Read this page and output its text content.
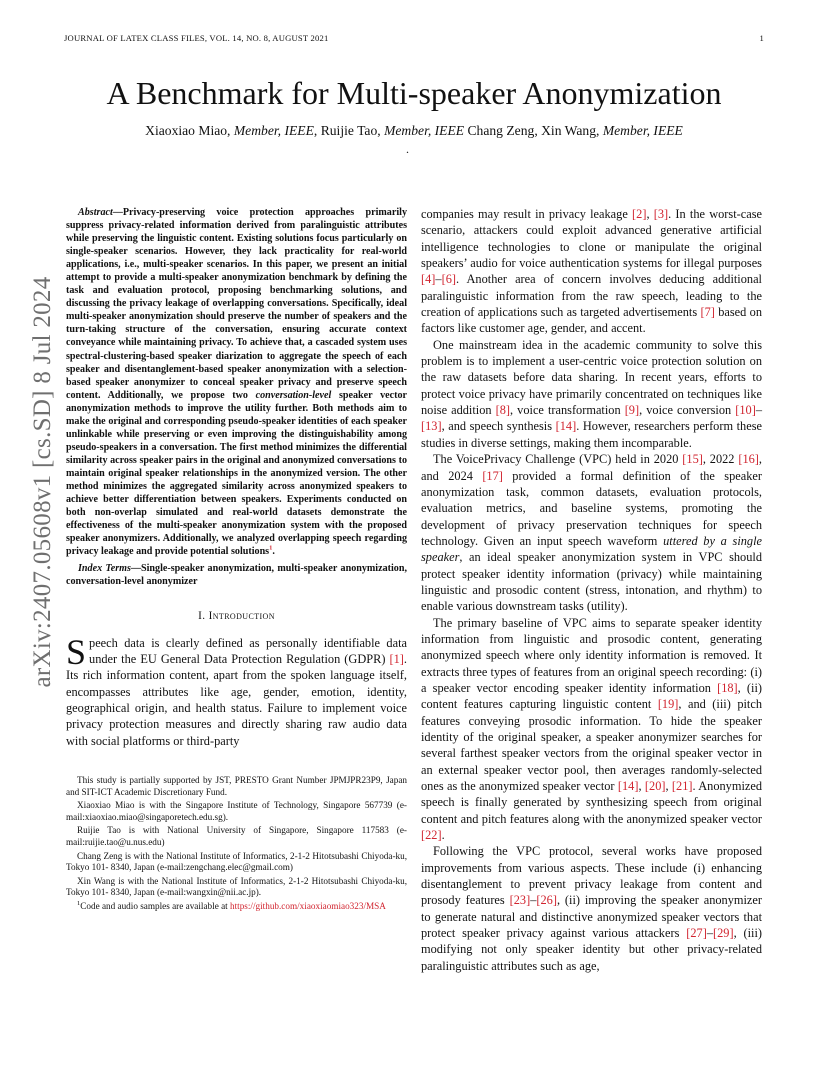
JOURNAL OF LATEX CLASS FILES, VOL. 14, NO. 8, AUGUST 2021	1
arXiv:2407.05608v1 [cs.SD] 8 Jul 2024
A Benchmark for Multi-speaker Anonymization
Xiaoxiao Miao, Member, IEEE, Ruijie Tao, Member, IEEE Chang Zeng, Xin Wang, Member, IEEE
.

Abstract—Privacy-preserving voice protection approaches primarily suppress privacy-related information derived from paralinguistic attributes while preserving the linguistic content. Existing solutions focus particularly on single-speaker scenarios. However, they lack practicality for real-world applications, i.e., multi-speaker scenarios. In this paper, we present an initial attempt to provide a multi-speaker anonymization benchmark by defining the task and evaluation protocol, proposing benchmarking solutions, and discussing the privacy leakage of overlapping conversations. Specifically, ideal multi-speaker anonymization should preserve the number of speakers and the turn-taking structure of the conversation, ensuring accurate context conveyance while maintaining privacy. To achieve that, a cascaded system uses spectral-clustering-based speaker diarization to aggregate the speech of each speaker and disentanglement-based speaker anonymization with a selection-based speaker anonymizer to conceal speaker privacy and preserve speech content. Additionally, we propose two conversation-level speaker vector anonymization methods to improve the utility further. Both methods aim to make the original and corresponding pseudo-speaker identities of each speaker unlinkable while preserving or even improving the distinguishability among pseudo-speakers in a conversation. The first method minimizes the differential similarity across speaker pairs in the original and anonymized conversations to maintain original speaker relationships in the anonymized version. The other method minimizes the aggregated similarity across anonymized speakers to achieve better differentiation between speakers. Experiments conducted on both non-overlap simulated and real-world datasets demonstrate the effectiveness of the multi-speaker anonymization system with the proposed speaker anonymizers. Additionally, we analyzed overlapping speech regarding privacy leakage and provide potential solutions$^1$.

Index Terms—Single-speaker anonymization, multi-speaker anonymization, conversation-level anonymizer

I. Introduction

Speech data is clearly defined as personally identifiable data under the EU General Data Protection Regulation (GDPR) [1]. Its rich information content, apart from the spoken language itself, encompasses attributes like age, gender, emotion, identity, geographical origin, and health status. Failure to implement voice privacy protection measures and directly sharing raw audio data with social platforms or third-party

This study is partially supported by JST, PRESTO Grant Number JPMJPR23P9, Japan and SIT-ICT Academic Discretionary Fund.

Xiaoxiao Miao is with the Singapore Institute of Technology, Singapore 567739 (e-mail:xiaoxiao.miao@singaporetech.edu.sg).

Ruijie Tao is with National University of Singapore, Singapore 117583 (e-mail:ruijie.tao@u.nus.edu)

Chang Zeng is with the National Institute of Informatics, 2-1-2 Hitotsubashi Chiyoda-ku, Tokyo 101- 8340, Japan (e-mail:zengchang.elec@gmail.com)

Xin Wang is with the National Institute of Informatics, 2-1-2 Hitotsubashi Chiyoda-ku, Tokyo 101- 8340, Japan (e-mail:wangxin@nii.ac.jp).

$^1$Code and audio samples are available at https://github.com/xiaoxiaomiao323/MSA

companies may result in privacy leakage [2], [3]. In the worst-case scenario, attackers could exploit advanced generative artificial intelligence technologies to clone or manipulate the original speakers’ audio for voice authentication systems for illegal purposes [4]–[6]. Another area of concern involves deducing additional paralinguistic information from the raw speech, leading to the creation of applications such as targeted advertisements [7] based on factors like customer age, gender, and accent.

One mainstream idea in the academic community to solve this problem is to implement a user-centric voice protection solution on the raw datasets before data sharing. In recent years, efforts to protect voice privacy have primarily concentrated on techniques like noise addition [8], voice transformation [9], voice conversion [10]–[13], and speech synthesis [14]. However, researchers perform these studies in diverse settings, making them incomparable.

The VoicePrivacy Challenge (VPC) held in 2020 [15], 2022 [16], and 2024 [17] provided a formal definition of the speaker anonymization task, common datasets, evaluation protocols, evaluation metrics, and baseline systems, promoting the development of privacy preservation techniques for speech technology. Given an input speech waveform uttered by a single speaker, an ideal speaker anonymization system in VPC should protect speaker identity information (privacy) while maintaining linguistic and prosodic content (stress, intonation, and rhythm) to enable various downstream tasks (utility).

The primary baseline of VPC aims to separate speaker identity information from linguistic and prosodic content, generating anonymized speech where only identity information is removed. It extracts three types of features from an original speech recording: (i) a speaker vector encoding speaker identity information [18], (ii) content features capturing linguistic content [19], and (iii) pitch features conveying prosodic information. To hide the speaker identity of the original speaker, a speaker anonymizer searches for several farthest speaker vectors from the original speaker vector in an external speaker vector pool, then averages randomly-selected ones as the anonymized speaker vector [14], [20], [21]. Anonymized speech is finally generated by synthesizing speech from original content and pitch features along with the anonymized speaker vector [22].

Following the VPC protocol, several works have proposed improvements from various aspects. These include (i) enhancing disentanglement to prevent privacy leakage from content and prosody features [23]–[26], (ii) improving the speaker anonymizer to generate natural and distinctive anonymized speaker vectors that protect speaker privacy against various attackers [27]–[29], (iii) modifying not only speaker identity but other privacy-related paralinguistic attributes such as age,
